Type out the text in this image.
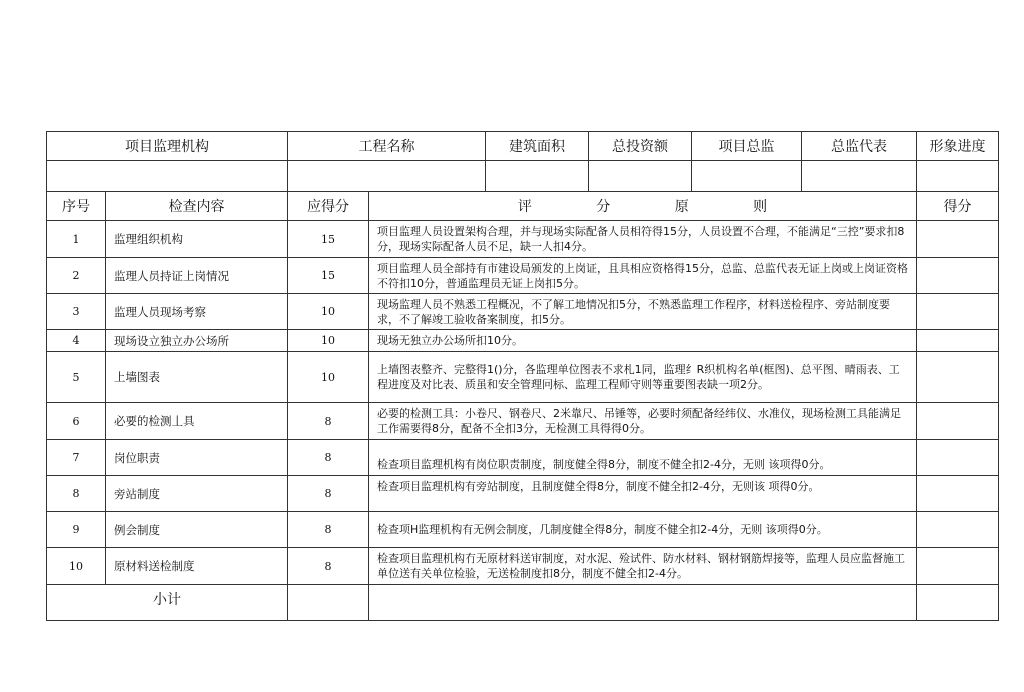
项目监理机构		工程名称		建筑面积	总投资额	项目总监	总监代表	形象进度

序号	检查内容	应得分	评 分 原 则					得分
1	监理组织机构	15	项目监理人员设置架构合理，并与现场实际配备人员相符得15分，人员设置不合理，不能满足“三控”要求扣8分，现场实际配备人员不足，缺一人扣4分。					
2	监理人员持证上岗情况	15	项目监理人员全部持有市建设局颁发的上岗证，且具相应资格得15分，总监、总监代表无证上岗或上岗证资格不符扣10分，普通监理员无证上岗扣5分。					
3	监理人员现场考察	10	现场监理人员不熟悉工程概况，不了解工地情况扣5分，不熟悉监理工作程序，材料送检程序、旁站制度要求，不了解竣工验收备案制度，扣5分。					
4	现场设立独立办公场所	10	现场无独立办公场所扣10分。					
5	上墙图表	10	上墙图表整齐、完整得1()分，各监理单位图表不求札1同，监理纟R织机构名单(框图)、总平图、晴雨表、工程进度及对比表、质虽和安全管理冋标、监理工程师守则等重要图表缺一项2分。					
6	必要的检测丄具	8	必要的检测工具：小卷尺、钢卷尺、2米靠尺、吊锤等，必要时须配备经纬仪、水准仪，现场检测工具能满足工作需要得8分，配备不全扣3分，无检测工具得得0分。					
7	岗位职责	8	检查项目监理机构有岗位职责制度，制度健全得8分，制度不健全扣2-4分，无则 该项得0分。					
8	旁站制度	8	检查项目监理机构有旁站制度，且制度健全得8分，制度不健全扣2-4分，无则该 项得0分。					
9	例会制度	8	检查项H监理机构有无例会制度，几制度健全得8分，制度不健全扣2-4分，无则 该项得0分。					
10	原材料送检制度	8	检查项目监理机构冇无原材料送审制度，对水泥、殓试件、防水材料、钢材钢筋焊接等，监理人员应监督施工单位送有关单位检验，无送检制度扣8分，制度不健全扣2-4分。					
小计								
